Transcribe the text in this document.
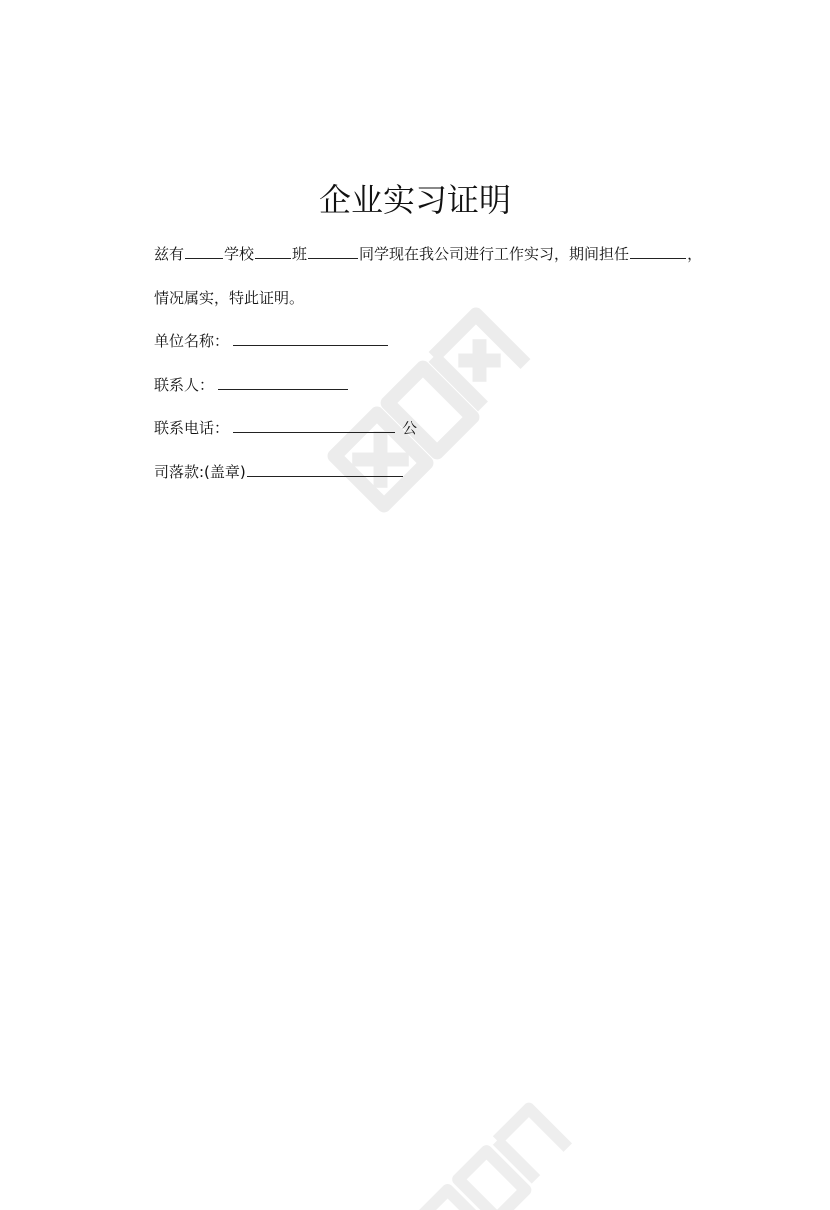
企业实习证明
兹有	学校	班	同学现在我公司进行工作实习，期间担任	，
情况属实，特此证明。
单位名称：
联系人：
联系电话：	公
司落款:(盖章)
